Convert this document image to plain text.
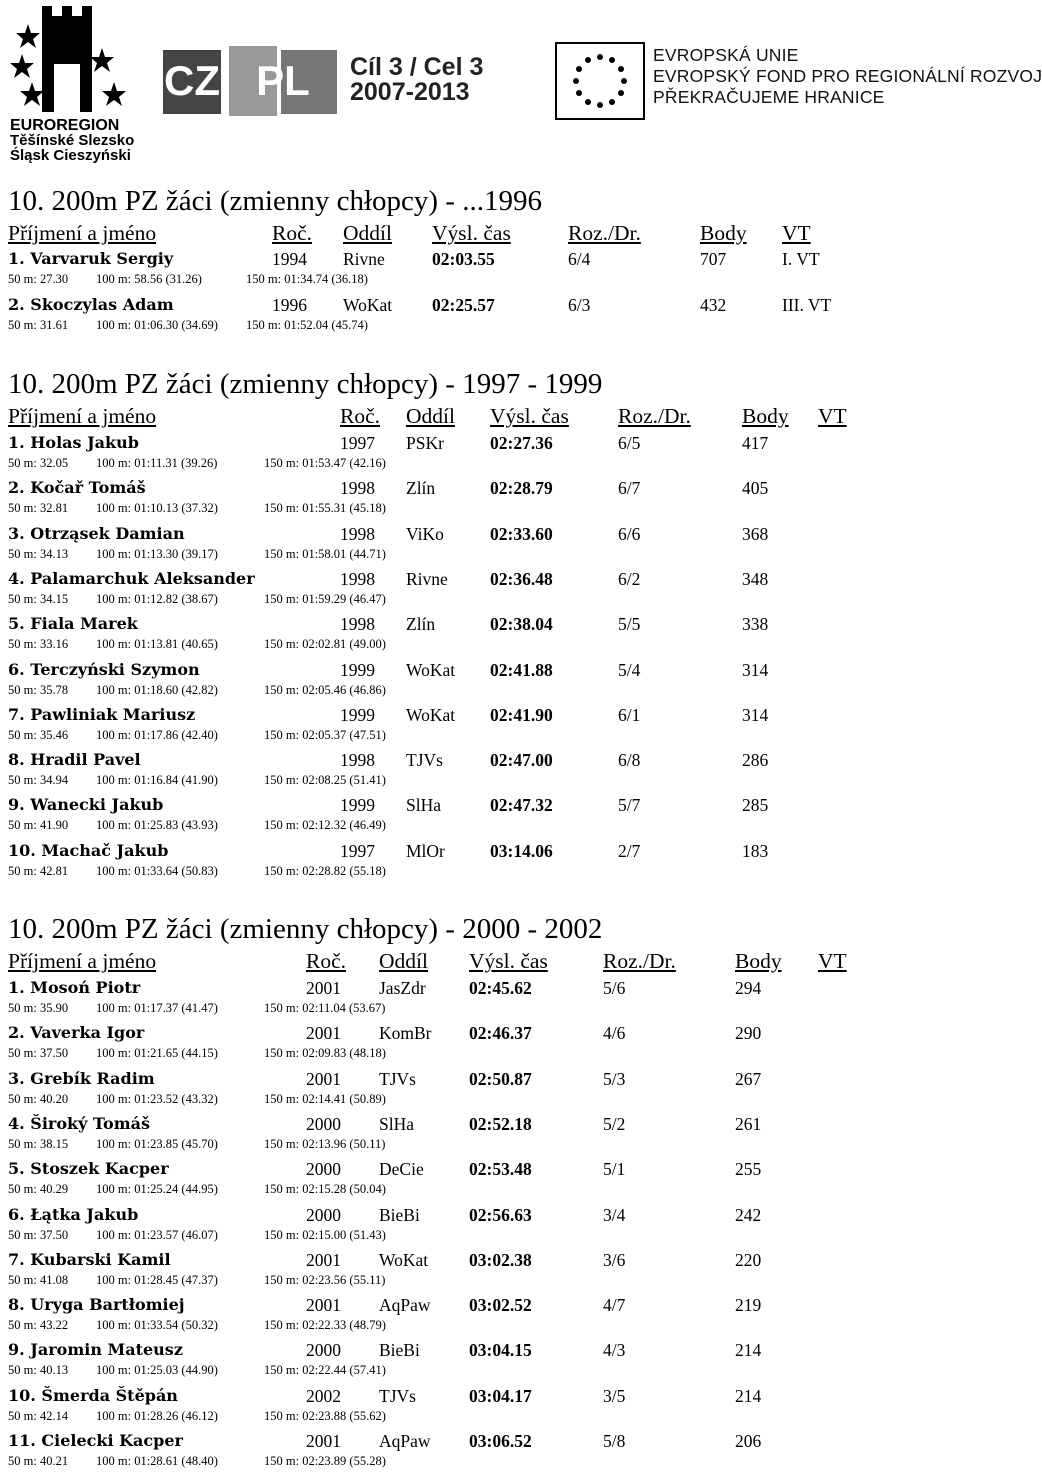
EUROREGION
Těšínské Slezsko
Śląsk Cieszyński
CZ PL	Cíl 3 / Cel 3
2007-2013
EVROPSKÁ UNIE
EVROPSKÝ FOND PRO REGIONÁLNÍ ROZVOJ
PŘEKRAČUJEME HRANICE
10. 200m PZ žáci (zmienny chłopcy) - ...1996
Příjmení a jméno	Roč. Oddíl Výsl. čas	Roz./Dr.	Body VT
1. Varvaruk Sergiy	1994 Rivne	02:03.55	6/4	707	I. VT
50 m: 27.30 100 m: 58.56 (31.26)	150 m: 01:34.74 (36.18)
2. Skoczylas Adam	1996 WoKat 02:25.57	6/3	432	III. VT
50 m: 31.61 100 m: 01:06.30 (34.69) 150 m: 01:52.04 (45.74)
10. 200m PZ žáci (zmienny chłopcy) - 1997 - 1999
Příjmení a jméno	Roč. Oddíl Výsl. čas Roz./Dr. Body VT
1. Holas Jakub	1997 PSKr	02:27.36	6/5	417
50 m: 32.05 100 m: 01:11.31 (39.26)	150 m: 01:53.47 (42.16)
2. Kočař Tomáš	1998 Zlín	02:28.79	6/7	405
50 m: 32.81 100 m: 01:10.13 (37.32)	150 m: 01:55.31 (45.18)
3. Otrząsek Damian	1998 ViKo	02:33.60	6/6	368
50 m: 34.13 100 m: 01:13.30 (39.17)	150 m: 01:58.01 (44.71)
4. Palamarchuk Aleksander	1998 Rivne 02:36.48	6/2	348
50 m: 34.15 100 m: 01:12.82 (38.67)	150 m: 01:59.29 (46.47)
5. Fiala Marek	1998 Zlín	02:38.04	5/5	338
50 m: 33.16 100 m: 01:13.81 (40.65)	150 m: 02:02.81 (49.00)
6. Terczyński Szymon	1999 WoKat 02:41.88	5/4	314
50 m: 35.78 100 m: 01:18.60 (42.82)	150 m: 02:05.46 (46.86)
7. Pawliniak Mariusz	1999 WoKat 02:41.90	6/1	314
50 m: 35.46 100 m: 01:17.86 (42.40)	150 m: 02:05.37 (47.51)
8. Hradil Pavel	1998 TJVs	02:47.00	6/8	286
50 m: 34.94 100 m: 01:16.84 (41.90)	150 m: 02:08.25 (51.41)
9. Wanecki Jakub	1999 SlHa	02:47.32	5/7	285
50 m: 41.90 100 m: 01:25.83 (43.93)	150 m: 02:12.32 (46.49)
10. Machač Jakub	1997 MlOr	03:14.06	2/7	183
50 m: 42.81 100 m: 01:33.64 (50.83)	150 m: 02:28.82 (55.18)
10. 200m PZ žáci (zmienny chłopcy) - 2000 - 2002
Příjmení a jméno	Roč. Oddíl Výsl. čas	Roz./Dr.	Body VT
1. Mosoń Piotr	2001 JasZdr 02:45.62	5/6	294
50 m: 35.90 100 m: 01:17.37 (41.47)	150 m: 02:11.04 (53.67)
2. Vaverka Igor	2001 KomBr 02:46.37	4/6	290
50 m: 37.50 100 m: 01:21.65 (44.15)	150 m: 02:09.83 (48.18)
3. Grebík Radim	2001 TJVs	02:50.87	5/3	267
50 m: 40.20 100 m: 01:23.52 (43.32)	150 m: 02:14.41 (50.89)
4. Široký Tomáš	2000 SlHa	02:52.18	5/2	261
50 m: 38.15 100 m: 01:23.85 (45.70)	150 m: 02:13.96 (50.11)
5. Stoszek Kacper	2000 DeCie	02:53.48	5/1	255
50 m: 40.29 100 m: 01:25.24 (44.95)	150 m: 02:15.28 (50.04)
6. Łątka Jakub	2000 BieBi	02:56.63	3/4	242
50 m: 37.50 100 m: 01:23.57 (46.07)	150 m: 02:15.00 (51.43)
7. Kubarski Kamil	2001 WoKat 03:02.38	3/6	220
50 m: 41.08 100 m: 01:28.45 (47.37)	150 m: 02:23.56 (55.11)
8. Uryga Bartłomiej	2001 AqPaw 03:02.52	4/7	219
50 m: 43.22 100 m: 01:33.54 (50.32)	150 m: 02:22.33 (48.79)
9. Jaromin Mateusz	2000 BieBi	03:04.15	4/3	214
50 m: 40.13 100 m: 01:25.03 (44.90)	150 m: 02:22.44 (57.41)
10. Šmerda Štěpán	2002 TJVs	03:04.17	3/5	214
50 m: 42.14 100 m: 01:28.26 (46.12)	150 m: 02:23.88 (55.62)
11. Cielecki Kacper	2001 AqPaw 03:06.52	5/8	206
50 m: 40.21 100 m: 01:28.61 (48.40)	150 m: 02:23.89 (55.28)
